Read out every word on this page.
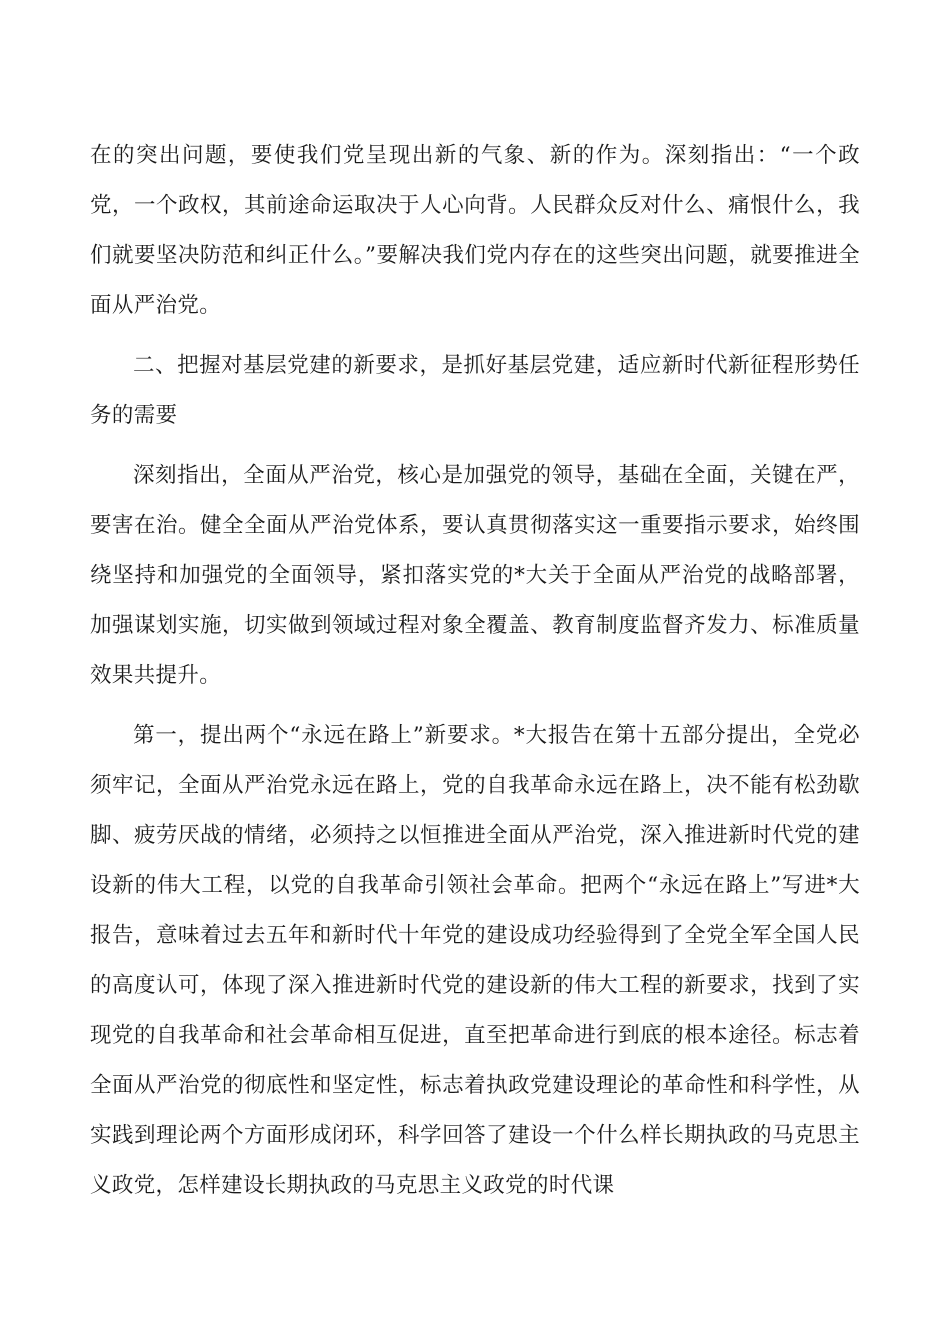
在的突出问题，要使我们党呈现出新的气象、新的作为。深刻指出：“一个政党，一个政权，其前途命运取决于人心向背。人民群众反对什么、痛恨什么，我们就要坚决防范和纠正什么。”要解决我们党内存在的这些突出问题，就要推进全面从严治党。

二、把握对基层党建的新要求，是抓好基层党建，适应新时代新征程形势任务的需要

深刻指出，全面从严治党，核心是加强党的领导，基础在全面，关键在严，要害在治。健全全面从严治党体系，要认真贯彻落实这一重要指示要求，始终围绕坚持和加强党的全面领导，紧扣落实党的*大关于全面从严治党的战略部署，加强谋划实施，切实做到领域过程对象全覆盖、教育制度监督齐发力、标准质量效果共提升。

第一，提出两个“永远在路上”新要求。*大报告在第十五部分提出，全党必须牢记，全面从严治党永远在路上，党的自我革命永远在路上，决不能有松劲歇脚、疲劳厌战的情绪，必须持之以恒推进全面从严治党，深入推进新时代党的建设新的伟大工程，以党的自我革命引领社会革命。把两个“永远在路上”写进*大报告，意味着过去五年和新时代十年党的建设成功经验得到了全党全军全国人民的高度认可，体现了深入推进新时代党的建设新的伟大工程的新要求，找到了实现党的自我革命和社会革命相互促进，直至把革命进行到底的根本途径。标志着全面从严治党的彻底性和坚定性，标志着执政党建设理论的革命性和科学性，从实践到理论两个方面形成闭环，科学回答了建设一个什么样长期执政的马克思主义政党，怎样建设长期执政的马克思主义政党的时代课
